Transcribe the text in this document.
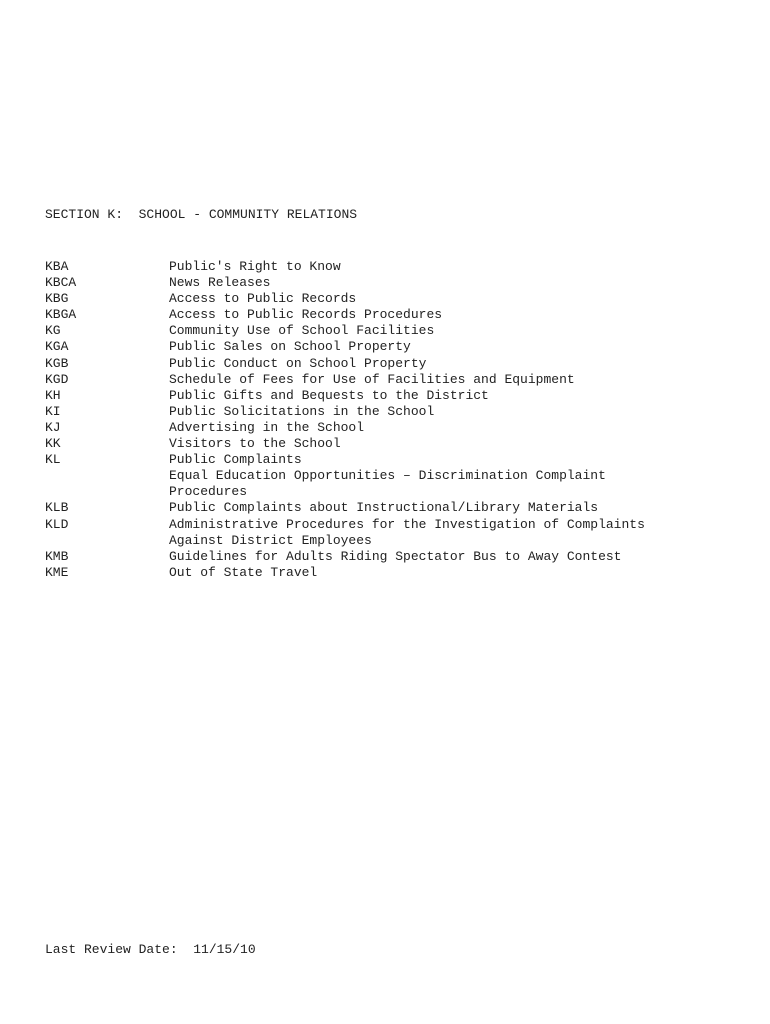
SECTION K:  SCHOOL - COMMUNITY RELATIONS
KBA	Public's Right to Know
KBCA	News Releases
KBG	Access to Public Records
KBGA	Access to Public Records Procedures
KG	Community Use of School Facilities
KGA	Public Sales on School Property
KGB	Public Conduct on School Property
KGD	Schedule of Fees for Use of Facilities and Equipment
KH	Public Gifts and Bequests to the District
KI	Public Solicitations in the School
KJ	Advertising in the School
KK	Visitors to the School
KL	Public Complaints
Equal Education Opportunities – Discrimination Complaint
Procedures
KLB	Public Complaints about Instructional/Library Materials
KLD	Administrative Procedures for the Investigation of Complaints
Against District Employees
KMB	Guidelines for Adults Riding Spectator Bus to Away Contest
KME	Out of State Travel

Last Review Date:  11/15/10
